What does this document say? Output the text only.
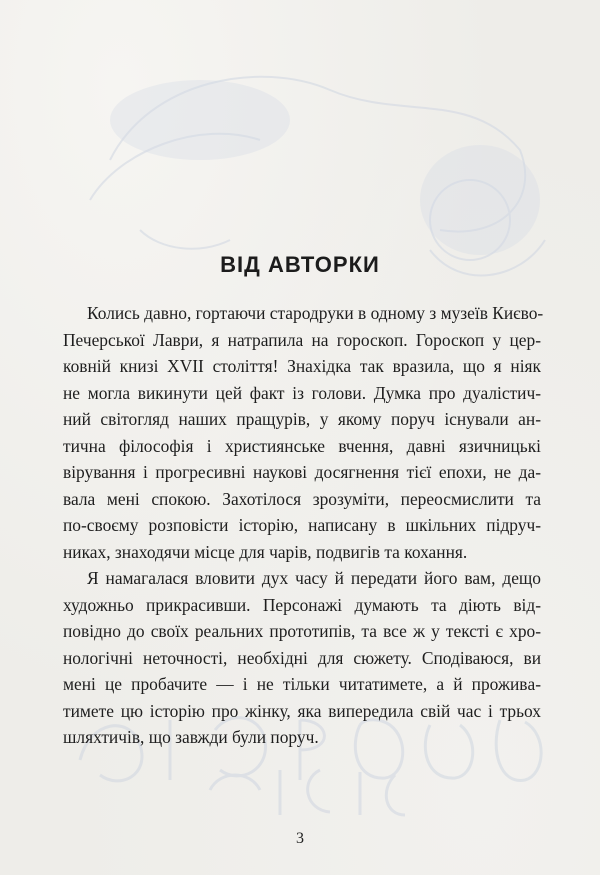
ВІД АВТОРКИ
Колись давно, гортаючи стародруки в одному з музеїв Києво-
Печерської Лаври, я натрапила на гороскоп. Гороскоп у цер-
ковній книзі XVII століття! Знахідка так вразила, що я ніяк
не могла викинути цей факт із голови. Думка про дуалістич-
ний світогляд наших пращурів, у якому поруч існували ан-
тична філософія і християнське вчення, давні язичницькі
вірування і прогресивні наукові досягнення тієї епохи, не да-
вала мені спокою. Захотілося зрозуміти, переосмислити та
по-своєму розповісти історію, написану в шкільних підруч-
никах, знаходячи місце для чарів, подвигів та кохання.
Я намагалася вловити дух часу й передати його вам, дещо
художньо прикрасивши. Персонажі думають та діють від-
повідно до своїх реальних прототипів, та все ж у тексті є хро-
нологічні неточності, необхідні для сюжету. Сподіваюся, ви
мені це пробачите — і не тільки читатимете, а й проживa-
тимете цю історію про жінку, яка випередила свій час і трьох
шляхтичів, що завжди були поруч.
3
